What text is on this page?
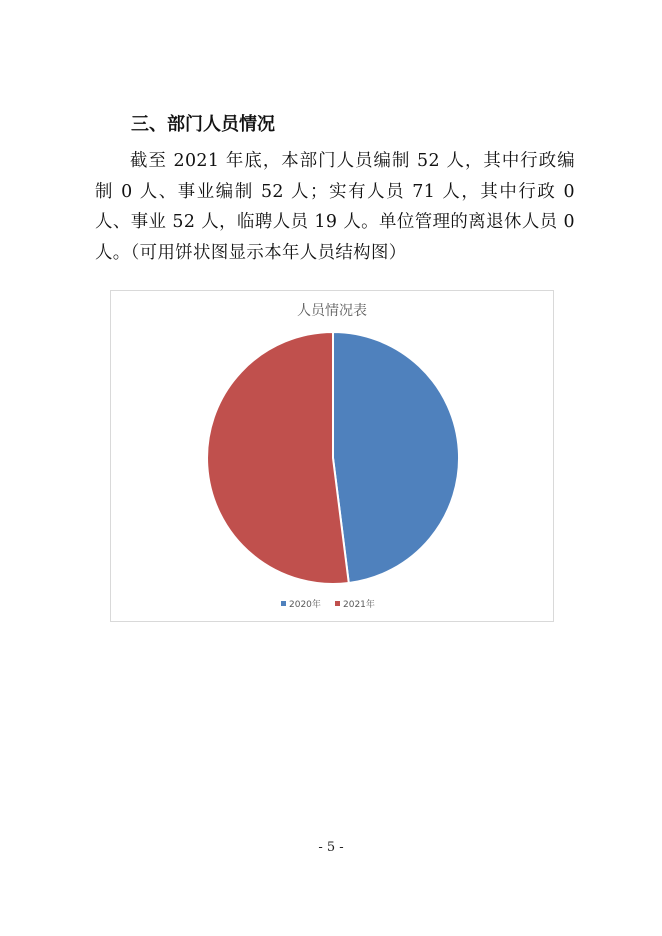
三、部门人员情况

截至 2021 年底，本部门人员编制 52 人，其中行政编制 0 人、事业编制 52 人；实有人员 71 人，其中行政 0 人、事业 52 人，临聘人员 19 人。单位管理的离退休人员 0 人。（可用饼状图显示本年人员结构图）

人员情况表
2020年 2021年

- 5 -
